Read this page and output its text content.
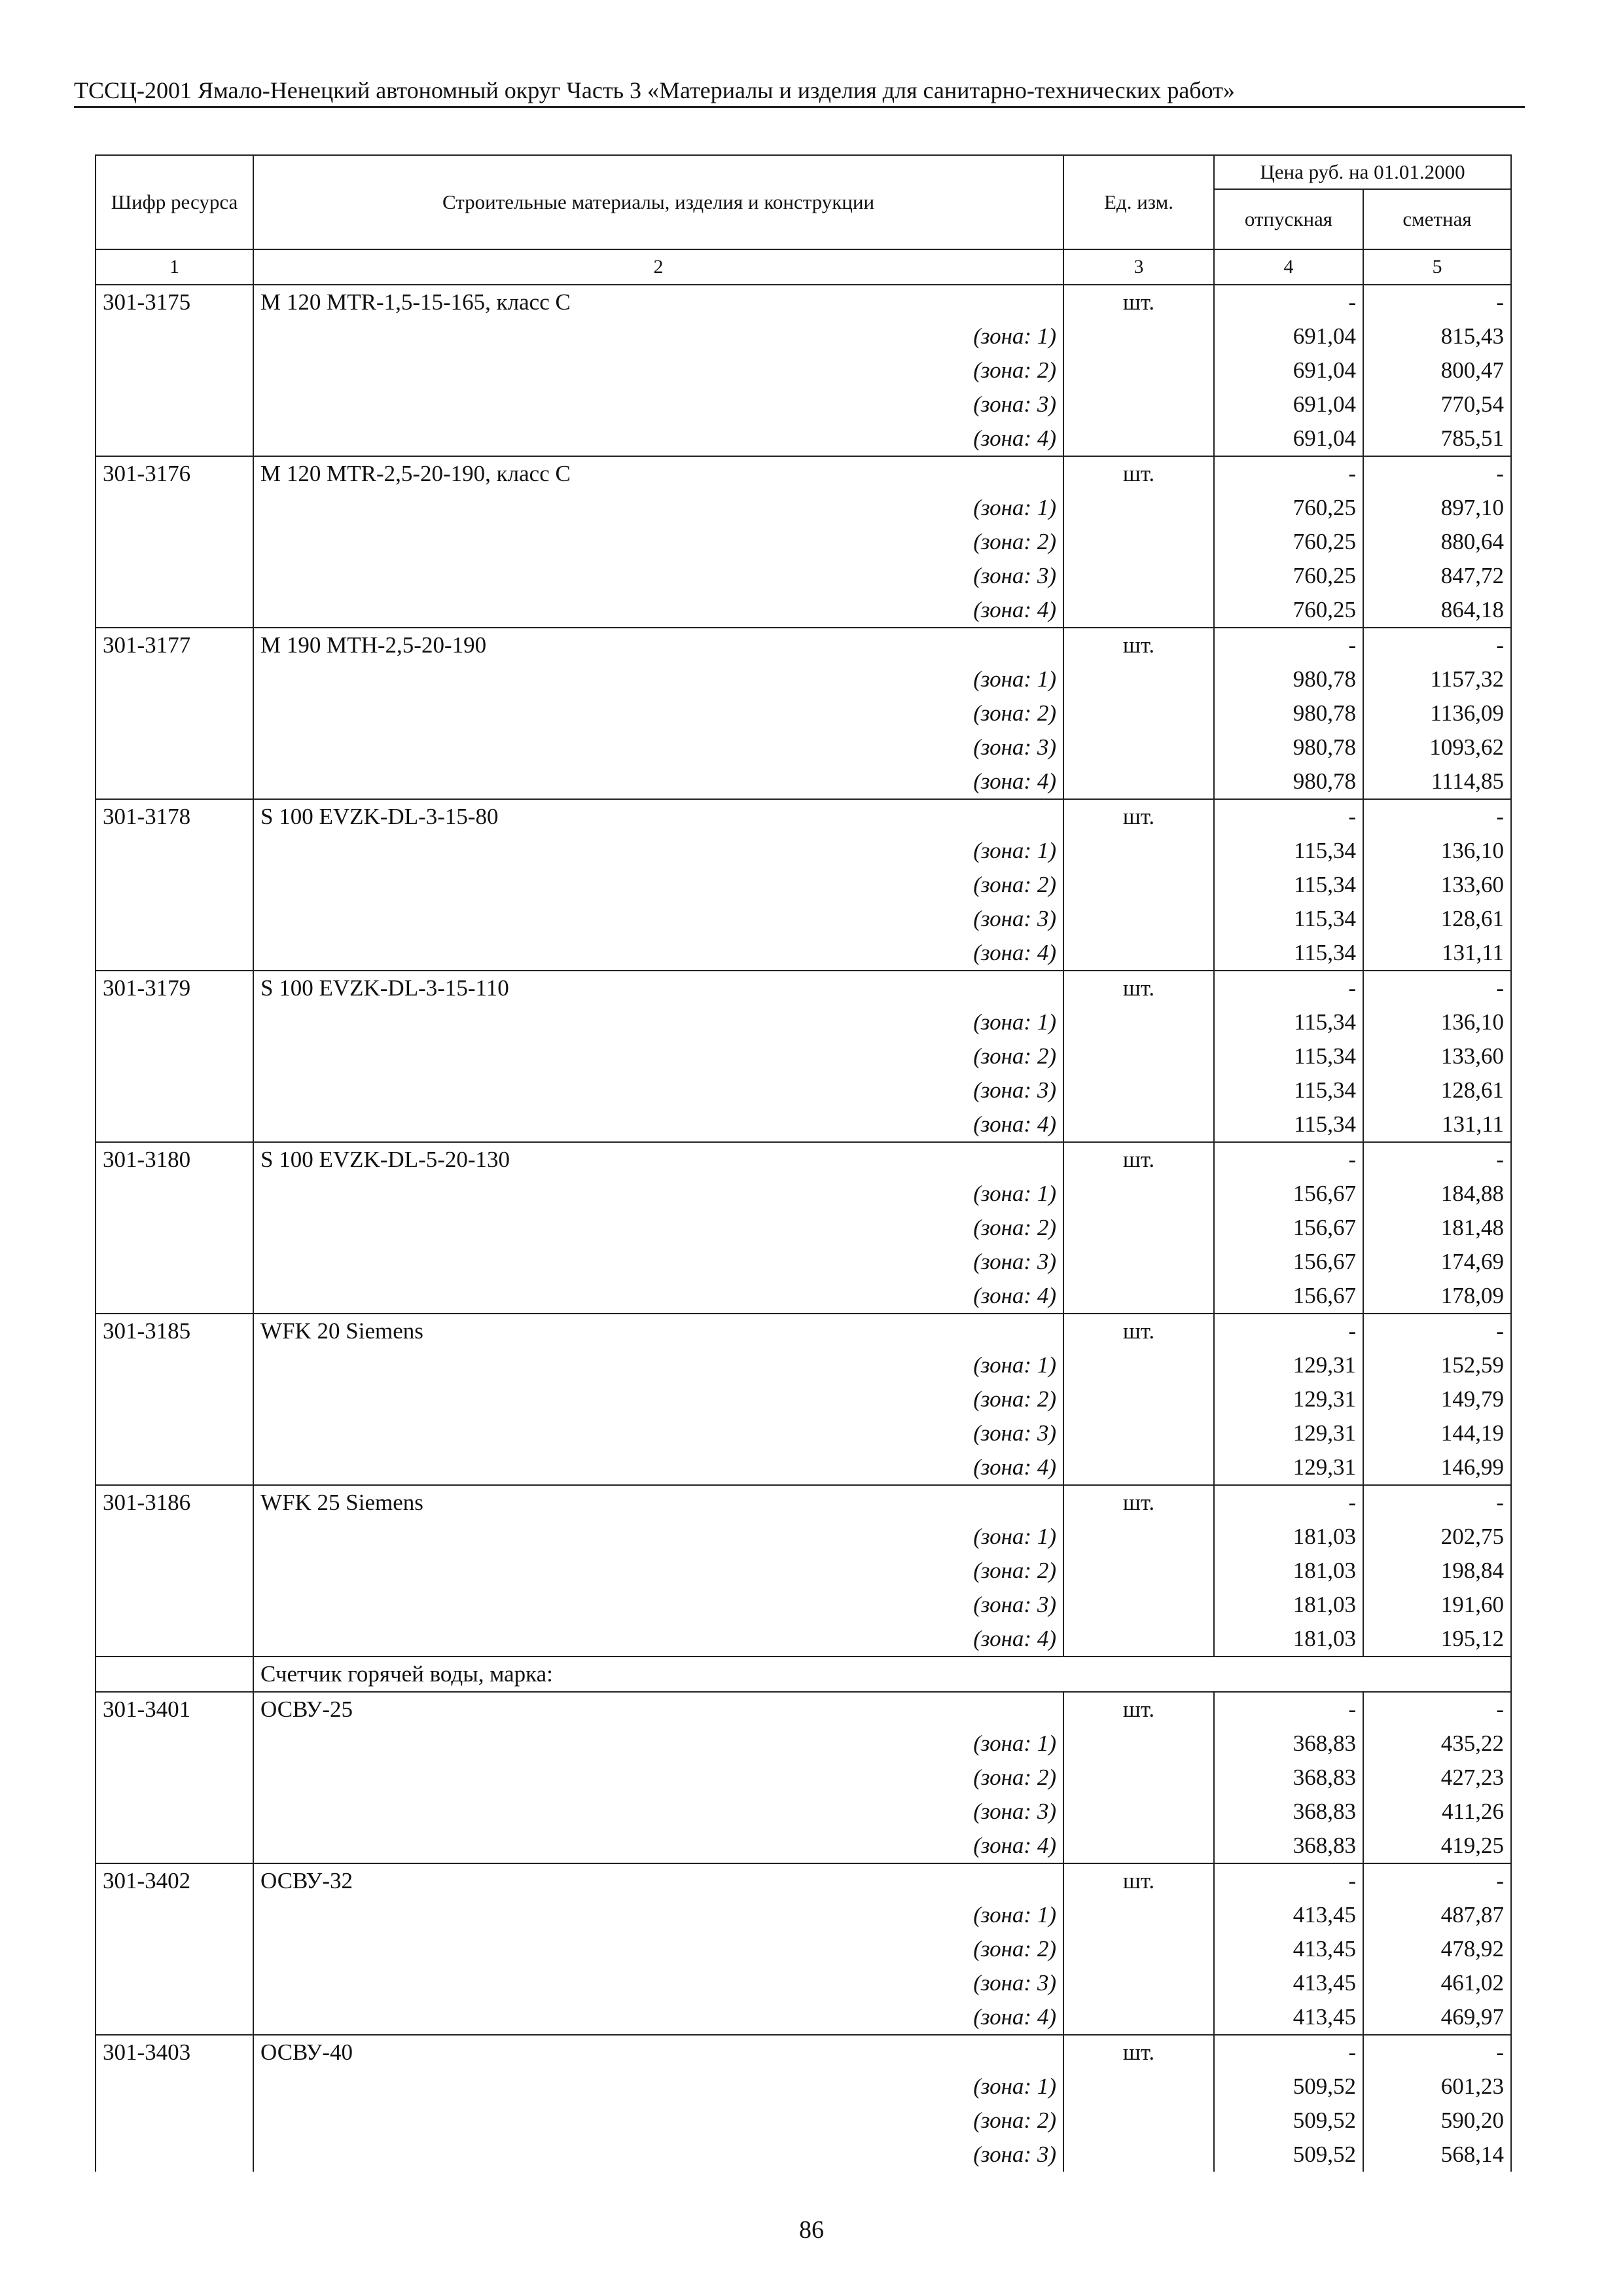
ТССЦ-2001 Ямало-Ненецкий автономный округ Часть 3 «Материалы и изделия для санитарно-технических работ»
Шифр ресурса	Строительные материалы, изделия и конструкции	Ед. изм.	Цена руб. на 01.01.2000	
			отпускная	сметная
1	2	3	4	5
301-3175	M 120 MTR-1,5-15-165, класс C	шт.	-	-
	(зона: 1)		691,04	815,43
	(зона: 2)		691,04	800,47
	(зона: 3)		691,04	770,54
	(зона: 4)		691,04	785,51
301-3176	M 120 MTR-2,5-20-190, класс C	шт.	-	-
	(зона: 1)		760,25	897,10
	(зона: 2)		760,25	880,64
	(зона: 3)		760,25	847,72
	(зона: 4)		760,25	864,18
301-3177	M 190 MTH-2,5-20-190	шт.	-	-
	(зона: 1)		980,78	1157,32
	(зона: 2)		980,78	1136,09
	(зона: 3)		980,78	1093,62
	(зона: 4)		980,78	1114,85
301-3178	S 100 EVZK-DL-3-15-80	шт.	-	-
	(зона: 1)		115,34	136,10
	(зона: 2)		115,34	133,60
	(зона: 3)		115,34	128,61
	(зона: 4)		115,34	131,11
301-3179	S 100 EVZK-DL-3-15-110	шт.	-	-
	(зона: 1)		115,34	136,10
	(зона: 2)		115,34	133,60
	(зона: 3)		115,34	128,61
	(зона: 4)		115,34	131,11
301-3180	S 100 EVZK-DL-5-20-130	шт.	-	-
	(зона: 1)		156,67	184,88
	(зона: 2)		156,67	181,48
	(зона: 3)		156,67	174,69
	(зона: 4)		156,67	178,09
301-3185	WFK 20 Siemens	шт.	-	-
	(зона: 1)		129,31	152,59
	(зона: 2)		129,31	149,79
	(зона: 3)		129,31	144,19
	(зона: 4)		129,31	146,99
301-3186	WFK 25 Siemens	шт.	-	-
	(зона: 1)		181,03	202,75
	(зона: 2)		181,03	198,84
	(зона: 3)		181,03	191,60
	(зона: 4)		181,03	195,12
	Счетчик горячей воды, марка:			
301-3401	ОСВУ-25	шт.	-	-
	(зона: 1)		368,83	435,22
	(зона: 2)		368,83	427,23
	(зона: 3)		368,83	411,26
	(зона: 4)		368,83	419,25
301-3402	ОСВУ-32	шт.	-	-
	(зона: 1)		413,45	487,87
	(зона: 2)		413,45	478,92
	(зона: 3)		413,45	461,02
	(зона: 4)		413,45	469,97
301-3403	ОСВУ-40	шт.	-	-
	(зона: 1)		509,52	601,23
	(зона: 2)		509,52	590,20
	(зона: 3)		509,52	568,14
86
